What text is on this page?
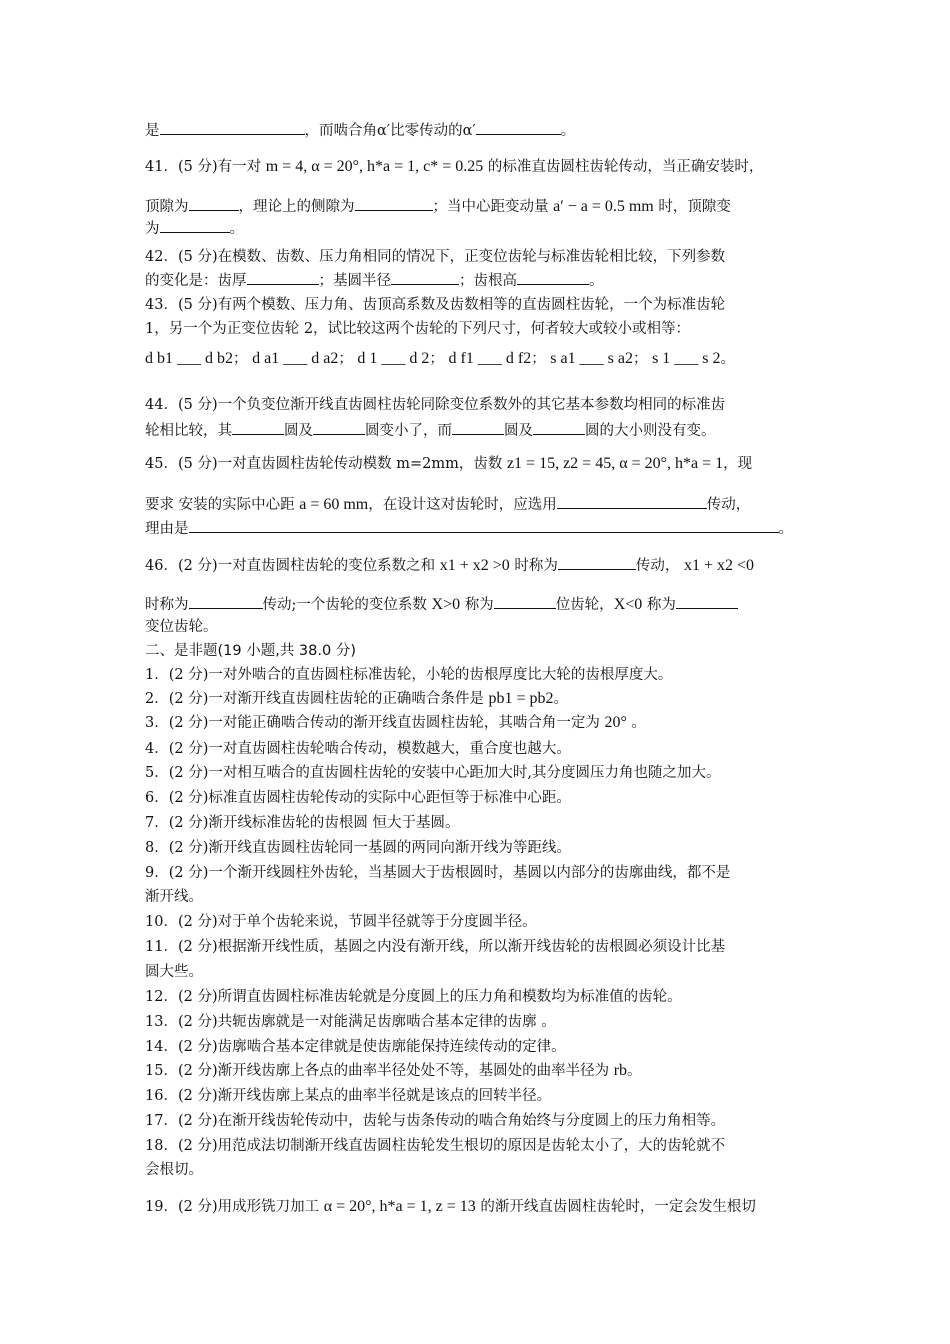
是	，而啮合角α′比零传动的α′	。
41．(5 分)有一对 m = 4, α = 20°, h*a = 1, c* = 0.25 的标准直齿圆柱齿轮传动，当正确安装时，
顶隙为	，理论上的侧隙为	；当中心距变动量 a′ − a = 0.5 mm 时，顶隙变
为	。
42．(5 分)在模数、齿数、压力角相同的情况下，正变位齿轮与标准齿轮相比较，下列参数
的变化是：齿厚	；基圆半径	；齿根高	。
43．(5 分)有两个模数、压力角、齿顶高系数及齿数相等的直齿圆柱齿轮，一个为标准齿轮
1，另一个为正变位齿轮 2，试比较这两个齿轮的下列尺寸，何者较大或较小或相等：
d b1 ___ d b2； d a1 ___ d a2； d 1 ___ d 2； d f1 ___ d f2； s a1 ___ s a2； s 1 ___ s 2。
44．(5 分)一个负变位渐开线直齿圆柱齿轮同除变位系数外的其它基本参数均相同的标准齿
轮相比较，其	圆及	圆变小了，而	圆及	圆的大小则没有变。
45．(5 分)一对直齿圆柱齿轮传动模数 m=2mm，齿数 z1 = 15, z2 = 45, α = 20°, h*a = 1，现
要求 安装的实际中心距 a = 60 mm，在设计这对齿轮时，应选用	传动，
理由是	。
46．(2 分)一对直齿圆柱齿轮的变位系数之和 x1 + x2 >0 时称为	传动， x1 + x2 <0
时称为	传动;一个齿轮的变位系数 X>0 称为	位齿轮，X<0 称为
变位齿轮。
二、是非题(19 小题,共 38.0 分)
1．(2 分)一对外啮合的直齿圆柱标准齿轮，小轮的齿根厚度比大轮的齿根厚度大。
2．(2 分)一对渐开线直齿圆柱齿轮的正确啮合条件是 pb1 = pb2。
3．(2 分)一对能正确啮合传动的渐开线直齿圆柱齿轮，其啮合角一定为 20° 。
4．(2 分)一对直齿圆柱齿轮啮合传动，模数越大，重合度也越大。
5．(2 分)一对相互啮合的直齿圆柱齿轮的安装中心距加大时,其分度圆压力角也随之加大。
6．(2 分)标准直齿圆柱齿轮传动的实际中心距恒等于标准中心距。
7．(2 分)渐开线标准齿轮的齿根圆 恒大于基圆。
8．(2 分)渐开线直齿圆柱齿轮同一基圆的两同向渐开线为等距线。
9．(2 分)一个渐开线圆柱外齿轮，当基圆大于齿根圆时，基圆以内部分的齿廓曲线，都不是
渐开线。
10．(2 分)对于单个齿轮来说，节圆半径就等于分度圆半径。
11．(2 分)根据渐开线性质，基圆之内没有渐开线，所以渐开线齿轮的齿根圆必须设计比基
圆大些。
12．(2 分)所谓直齿圆柱标准齿轮就是分度圆上的压力角和模数均为标准值的齿轮。
13．(2 分)共轭齿廓就是一对能满足齿廓啮合基本定律的齿廓 。
14．(2 分)齿廓啮合基本定律就是使齿廓能保持连续传动的定律。
15．(2 分)渐开线齿廓上各点的曲率半径处处不等，基圆处的曲率半径为 rb。
16．(2 分)渐开线齿廓上某点的曲率半径就是该点的回转半径。
17．(2 分)在渐开线齿轮传动中，齿轮与齿条传动的啮合角始终与分度圆上的压力角相等。
18．(2 分)用范成法切制渐开线直齿圆柱齿轮发生根切的原因是齿轮太小了，大的齿轮就不
会根切。
19．(2 分)用成形铣刀加工 α = 20°, h*a = 1, z = 13 的渐开线直齿圆柱齿轮时，一定会发生根切
